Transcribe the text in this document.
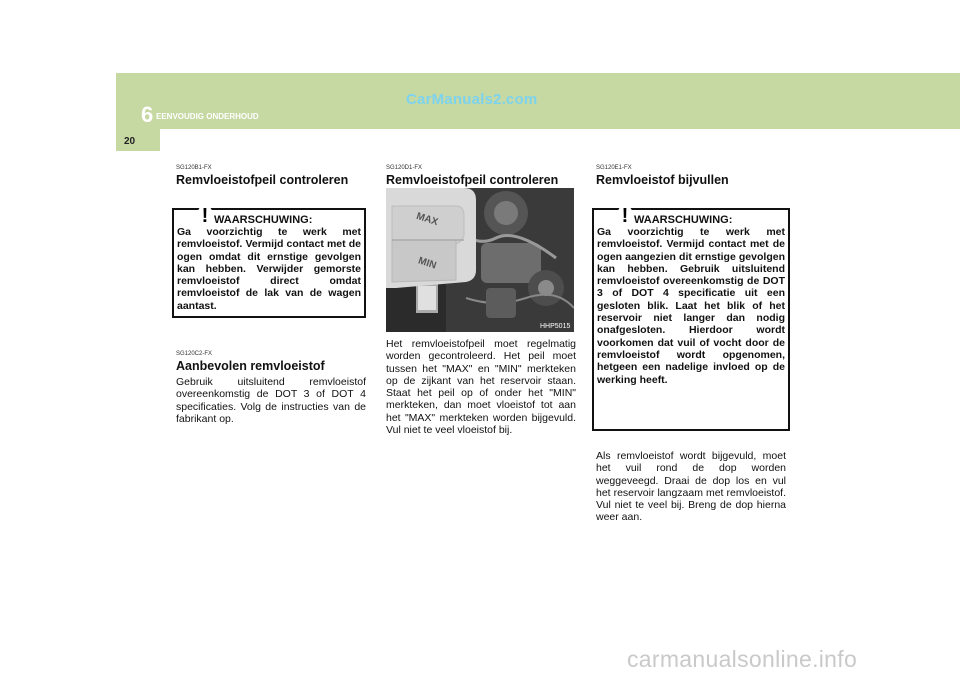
6 EENVOUDIG ONDERHOUD
20
CarManuals2.com
SG120B1-FX
Remvloeistofpeil controleren
! WAARSCHUWING:

Ga voorzichtig te werk met remvloeistof. Vermijd contact met de ogen omdat dit ernstige gevolgen kan hebben. Verwijder gemorste remvloeistof direct omdat remvloeistof de lak van de wagen aantast.

SG120C2-FX
Aanbevolen remvloeistof

Gebruik uitsluitend remvloeistof overeenkomstig de DOT 3 of DOT 4 specificaties. Volg de instructies van de fabrikant op.

SG120D1-FX
Remvloeistofpeil controleren
MAX
MIN
HHP5015

Het remvloeistofpeil moet regelmatig worden gecontroleerd. Het peil moet tussen het "MAX" en "MIN" merkteken op de zijkant van het reservoir staan. Staat het peil op of onder het "MIN" merkteken, dan moet vloeistof tot aan het "MAX" merkteken worden bijgevuld. Vul niet te veel vloeistof bij.

SG120E1-FX
Remvloeistof bijvullen
! WAARSCHUWING:

Ga voorzichtig te werk met remvloeistof. Vermijd contact met de ogen aangezien dit ernstige gevolgen kan hebben. Gebruik uitsluitend remvloeistof overeenkomstig de DOT 3 of DOT 4 specificatie uit een gesloten blik. Laat het blik of het reservoir niet langer dan nodig onafgesloten. Hierdoor wordt voorkomen dat vuil of vocht door de remvloeistof wordt opgenomen, hetgeen een nadelige invloed op de werking heeft.

Als remvloeistof wordt bijgevuld, moet het vuil rond de dop worden weggeveegd. Draai de dop los en vul het reservoir langzaam met remvloeistof. Vul niet te veel bij. Breng de dop hierna weer aan.

carmanualsonline.info
